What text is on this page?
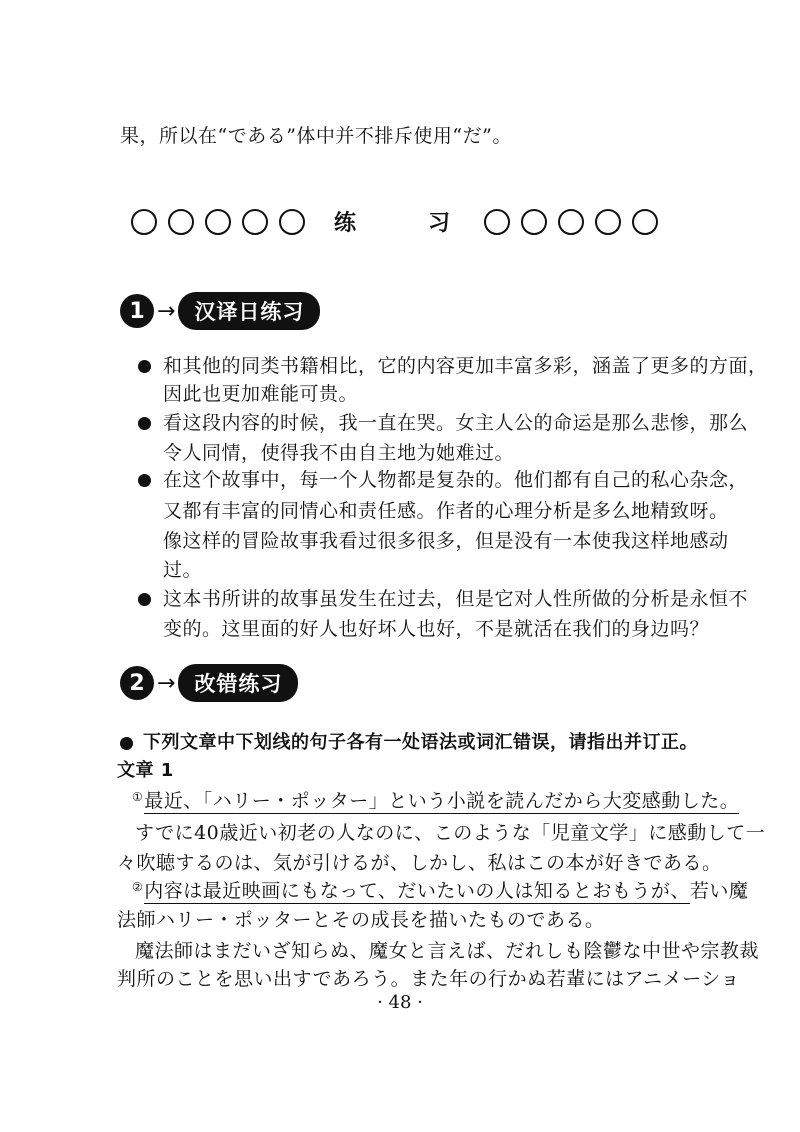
果，所以在“である”体中并不排斥使用“だ”。
练	习
1 → 汉译日练习
和其他的同类书籍相比，它的内容更加丰富多彩，涵盖了更多的方面，
因此也更加难能可贵。
看这段内容的时候，我一直在哭。女主人公的命运是那么悲惨，那么
令人同情，使得我不由自主地为她难过。
在这个故事中，每一个人物都是复杂的。他们都有自己的私心杂念，
又都有丰富的同情心和责任感。作者的心理分析是多么地精致呀。
像这样的冒险故事我看过很多很多，但是没有一本使我这样地感动
过。
这本书所讲的故事虽发生在过去，但是它对人性所做的分析是永恒不
变的。这里面的好人也好坏人也好，不是就活在我们的身边吗？
2 → 改错练习
下列文章中下划线的句子各有一处语法或词汇错误，请指出并订正。
文章 1
①最近、「ハリー・ポッター」という小説を読んだから大変感動した。
すでに40歳近い初老の人なのに、このような「児童文学」に感動して一
々吹聴するのは、気が引けるが、しかし、私はこの本が好きである。
②内容は最近映画にもなって、だいたいの人は知るとおもうが、若い魔
法師ハリー・ポッターとその成長を描いたものである。
魔法師はまだいざ知らぬ、魔女と言えば、だれしも陰鬱な中世や宗教裁
判所のことを思い出すであろう。また年の行かぬ若輩にはアニメーショ
· 48 ·
